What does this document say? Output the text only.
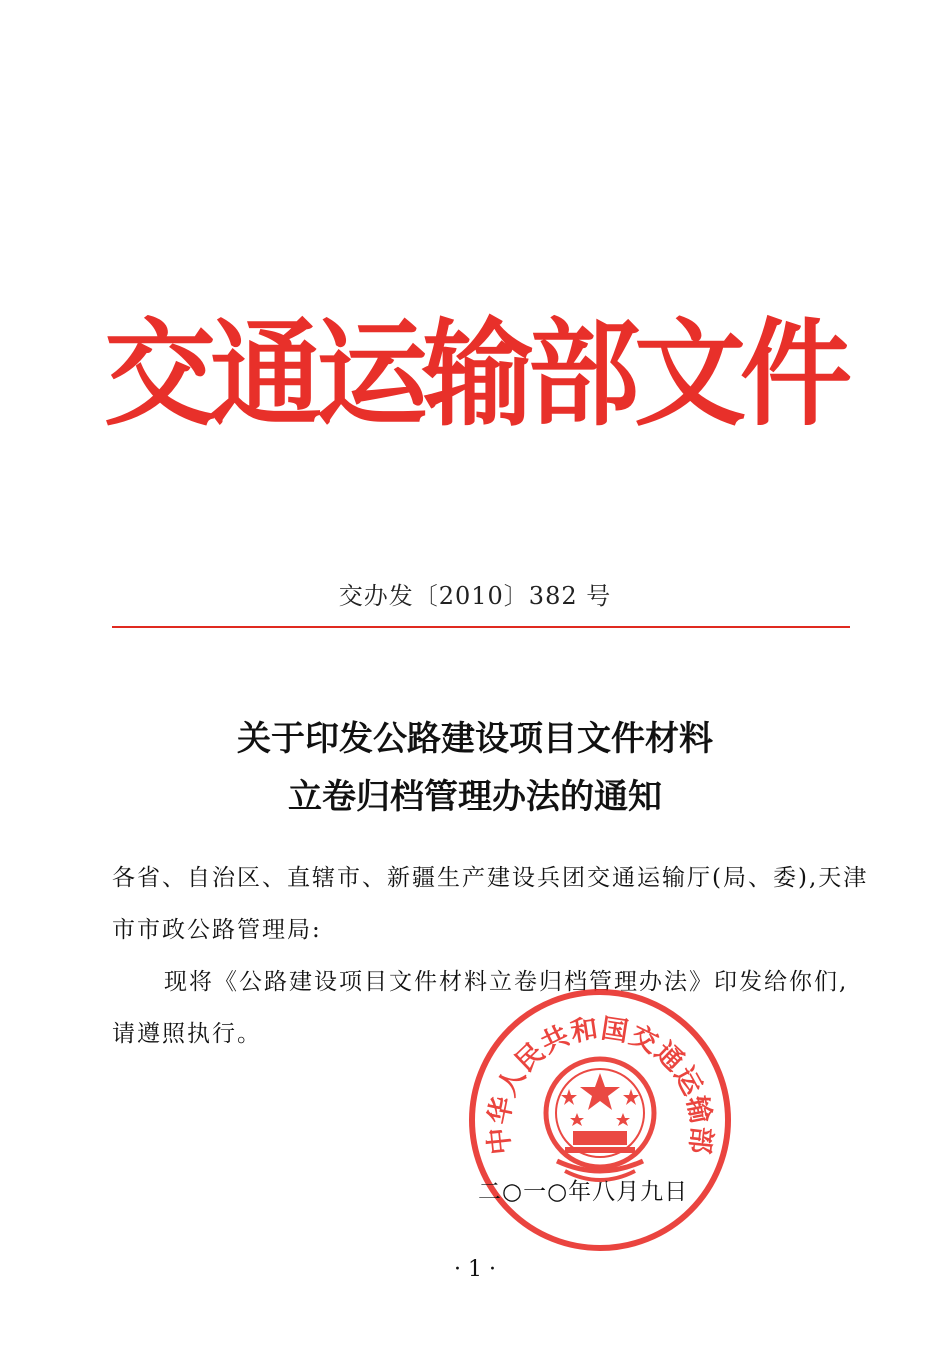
交通运输部文件
交办发〔2010〕382 号
关于印发公路建设项目文件材料
立卷归档管理办法的通知
各省、自治区、直辖市、新疆生产建设兵团交通运输厅(局、委),天津市市政公路管理局:
现将《公路建设项目文件材料立卷归档管理办法》印发给你们,请遵照执行。
中华人民共和国交通运输部
二○一○年八月九日
· 1 ·
